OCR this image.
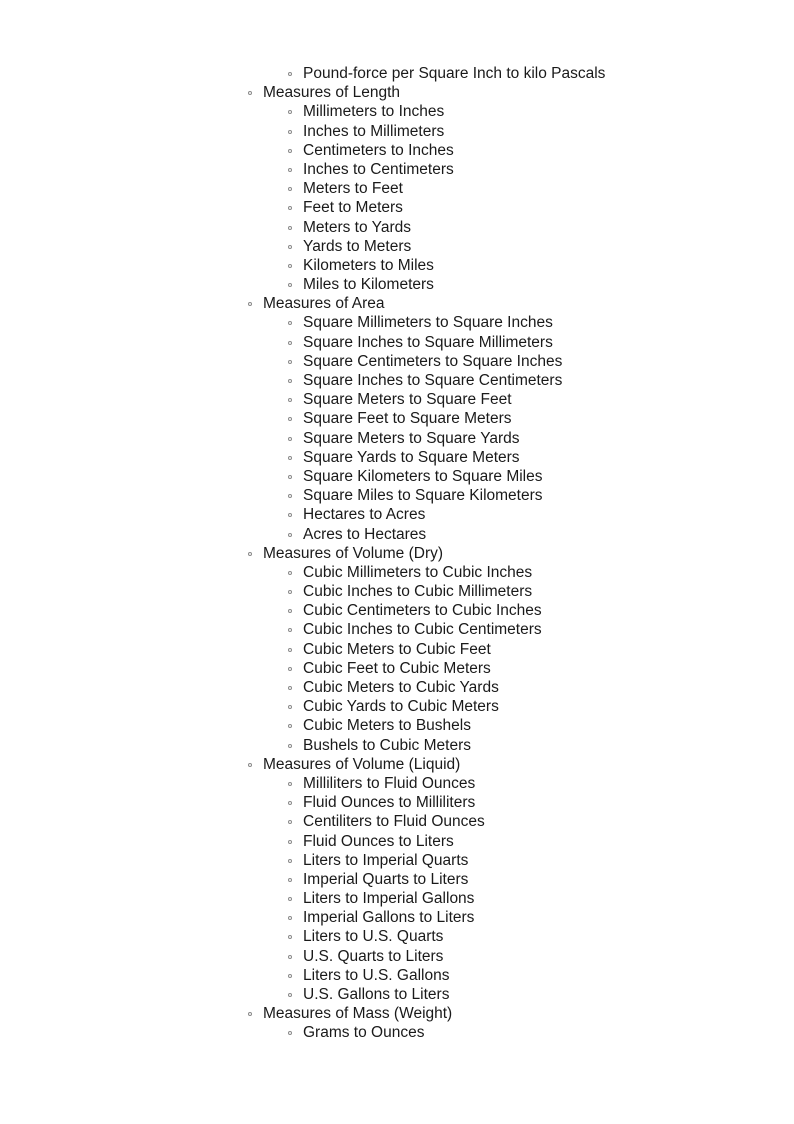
Pound-force per Square Inch to kilo Pascals
Measures of Length
Millimeters to Inches
Inches to Millimeters
Centimeters to Inches
Inches to Centimeters
Meters to Feet
Feet to Meters
Meters to Yards
Yards to Meters
Kilometers to Miles
Miles to Kilometers
Measures of Area
Square Millimeters to Square Inches
Square Inches to Square Millimeters
Square Centimeters to Square Inches
Square Inches to Square Centimeters
Square Meters to Square Feet
Square Feet to Square Meters
Square Meters to Square Yards
Square Yards to Square Meters
Square Kilometers to Square Miles
Square Miles to Square Kilometers
Hectares to Acres
Acres to Hectares
Measures of Volume (Dry)
Cubic Millimeters to Cubic Inches
Cubic Inches to Cubic Millimeters
Cubic Centimeters to Cubic Inches
Cubic Inches to Cubic Centimeters
Cubic Meters to Cubic Feet
Cubic Feet to Cubic Meters
Cubic Meters to Cubic Yards
Cubic Yards to Cubic Meters
Cubic Meters to Bushels
Bushels to Cubic Meters
Measures of Volume (Liquid)
Milliliters to Fluid Ounces
Fluid Ounces to Milliliters
Centiliters to Fluid Ounces
Fluid Ounces to Liters
Liters to Imperial Quarts
Imperial Quarts to Liters
Liters to Imperial Gallons
Imperial Gallons to Liters
Liters to U.S. Quarts
U.S. Quarts to Liters
Liters to U.S. Gallons
U.S. Gallons to Liters
Measures of Mass (Weight)
Grams to Ounces
